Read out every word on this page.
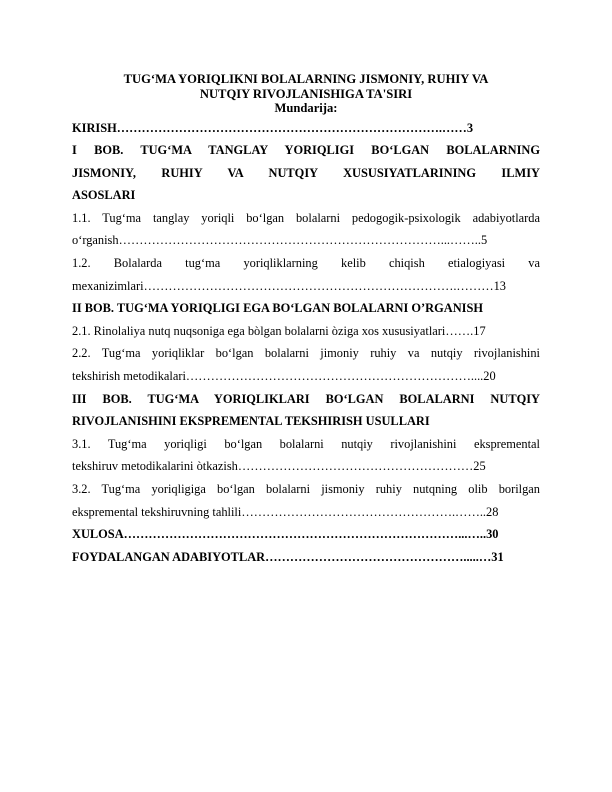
TUG‘MA YORIQLIKNI BOLALARNING JISMONIY, RUHIY VA
NUTQIY RIVOJLANISHIGA TA'SIRI
Mundarija:
KIRISH…………………………………………………………………….……3
I BOB. TUG‘MA TANGLAY YORIQLIGI BO‘LGAN BOLALARNING
JISMONIY, RUHIY VA NUTQIY XUSUSIYATLARINING ILMIY
ASOSLARI
1.1. Tug‘ma tanglay yoriqli bo‘lgan bolalarni pedogogik-psixologik adabiyotlarda
o‘rganish……………………………………………………………………...……..5
1.2. Bolalarda tug‘ma yoriqliklarning kelib chiqish etialogiyasi va
mexanizimlari………………………………………………………………….………13
II BOB. TUG‘MA YORIQLIGI EGA BO‘LGAN BOLALARNI O’RGANISH
2.1. Rinolaliya nutq nuqsoniga ega bòlgan bolalarni òziga xos xususiyatlari…….17
2.2. Tug‘ma yoriqliklar bo‘lgan bolalarni jimoniy ruhiy va nutqiy rivojlanishini
tekshirish metodikalari……………………………………………………………....20
III BOB. TUG‘MA YORIQLIKLARI BO‘LGAN BOLALARNI NUTQIY
RIVOJLANISHINI EKSPREMENTAL TEKSHIRISH USULLARI
3.1. Tug‘ma yoriqligi bo‘lgan bolalarni nutqiy rivojlanishini ekspremental
tekshiruv metodikalarini òtkazish…………………………………………………25
3.2. Tug‘ma yoriqligiga bo‘lgan bolalarni jismoniy ruhiy nutqning olib borilgan
ekspremental tekshiruvning tahlili…………………………………………….……..28
XULOSA………………………………………………………………………...…..30
FOYDALANGAN ADABIYOTLAR………………………………………….....…31
